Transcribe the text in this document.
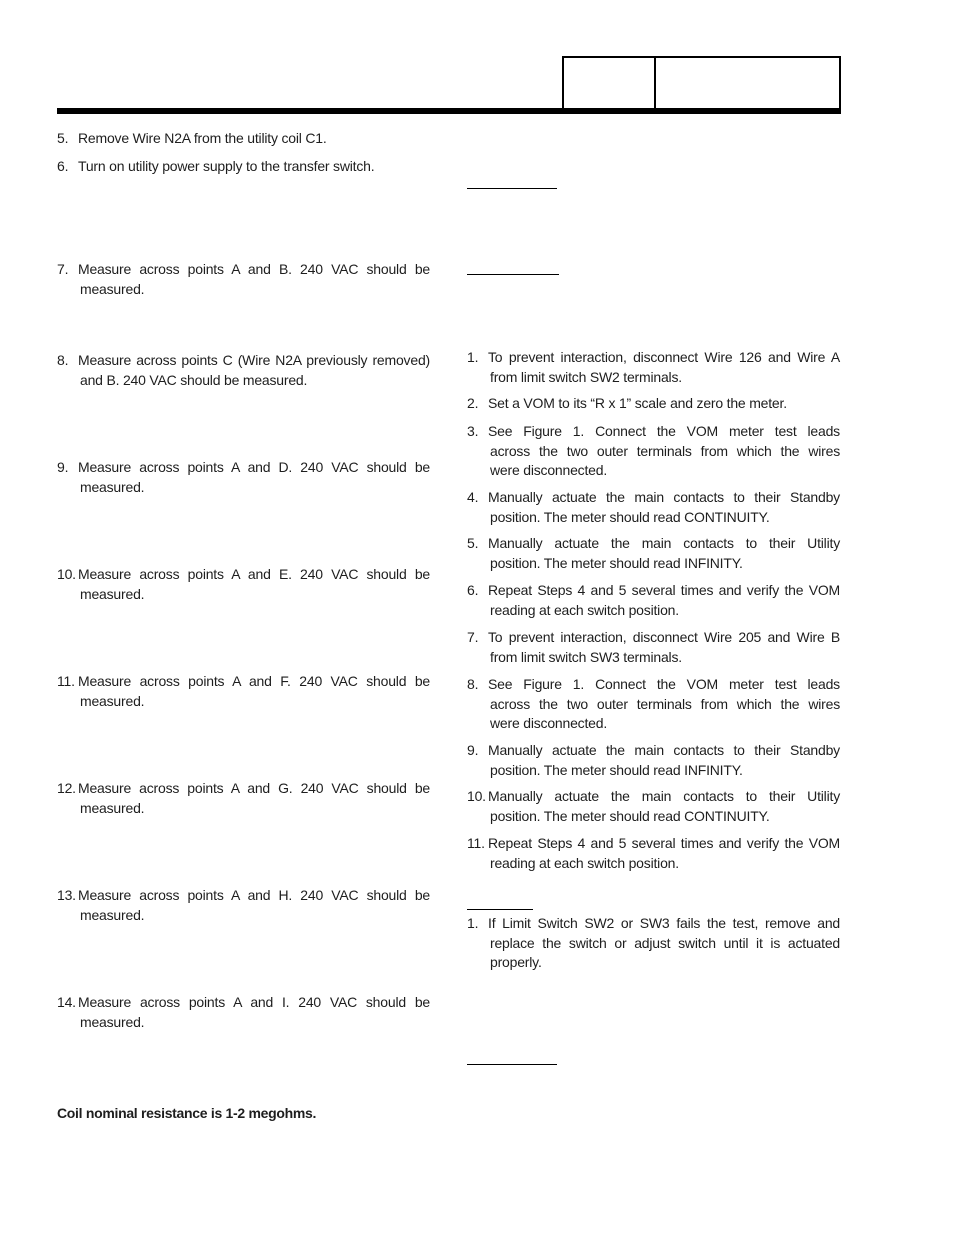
5. Remove Wire N2A from the utility coil C1.
6. Turn on utility power supply to the transfer switch.
7. Measure across points A and B. 240 VAC should be
measured.
8. Measure across points C (Wire N2A previously removed)
and B. 240 VAC should be measured.
9. Measure across points A and D. 240 VAC should be
measured.
10. Measure across points A and E. 240 VAC should be
measured.
11. Measure across points A and F. 240 VAC should be
measured.
12. Measure across points A and G. 240 VAC should be
measured.
13. Measure across points A and H. 240 VAC should be
measured.
14. Measure across points A and I. 240 VAC should be
measured.
Coil nominal resistance is 1-2 megohms.
1. To prevent interaction, disconnect Wire 126 and Wire A
from limit switch SW2 terminals.
2. Set a VOM to its “R x 1” scale and zero the meter.
3. See Figure 1. Connect the VOM meter test leads
across the two outer terminals from which the wires
were disconnected.
4. Manually actuate the main contacts to their Standby
position. The meter should read CONTINUITY.
5. Manually actuate the main contacts to their Utility
position. The meter should read INFINITY.
6. Repeat Steps 4 and 5 several times and verify the VOM
reading at each switch position.
7. To prevent interaction, disconnect Wire 205 and Wire B
from limit switch SW3 terminals.
8. See Figure 1. Connect the VOM meter test leads
across the two outer terminals from which the wires
were disconnected.
9. Manually actuate the main contacts to their Standby
position. The meter should read INFINITY.
10. Manually actuate the main contacts to their Utility
position. The meter should read CONTINUITY.
11. Repeat Steps 4 and 5 several times and verify the VOM
reading at each switch position.
1. If Limit Switch SW2 or SW3 fails the test, remove and
replace the switch or adjust switch until it is actuated
properly.
